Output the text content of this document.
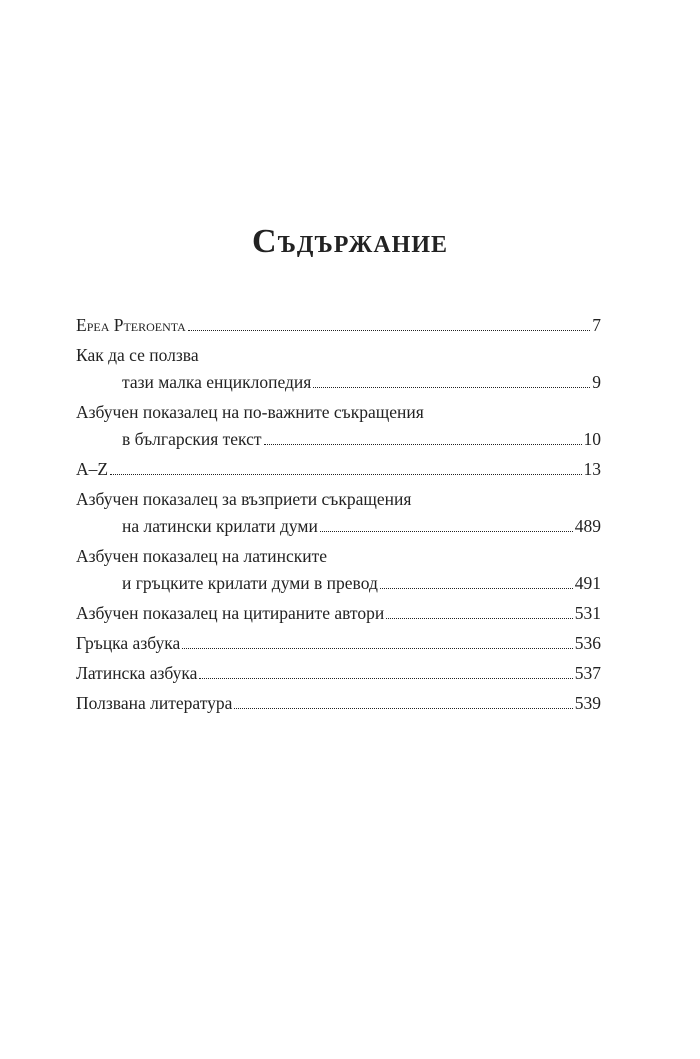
Съдържание
Epea Pteroenta	7
Как да се ползва
тази малка енциклопедия	9
Азбучен показалец на по-важните съкращения
в българския текст	10
A–Z	13
Азбучен показалец за възприети съкращения
на латински крилати думи	489
Азбучен показалец на латинските
и гръцките крилати думи в превод	491
Азбучен показалец на цитираните автори	531
Гръцка азбука	536
Латинска азбука	537
Ползвана литература	539
